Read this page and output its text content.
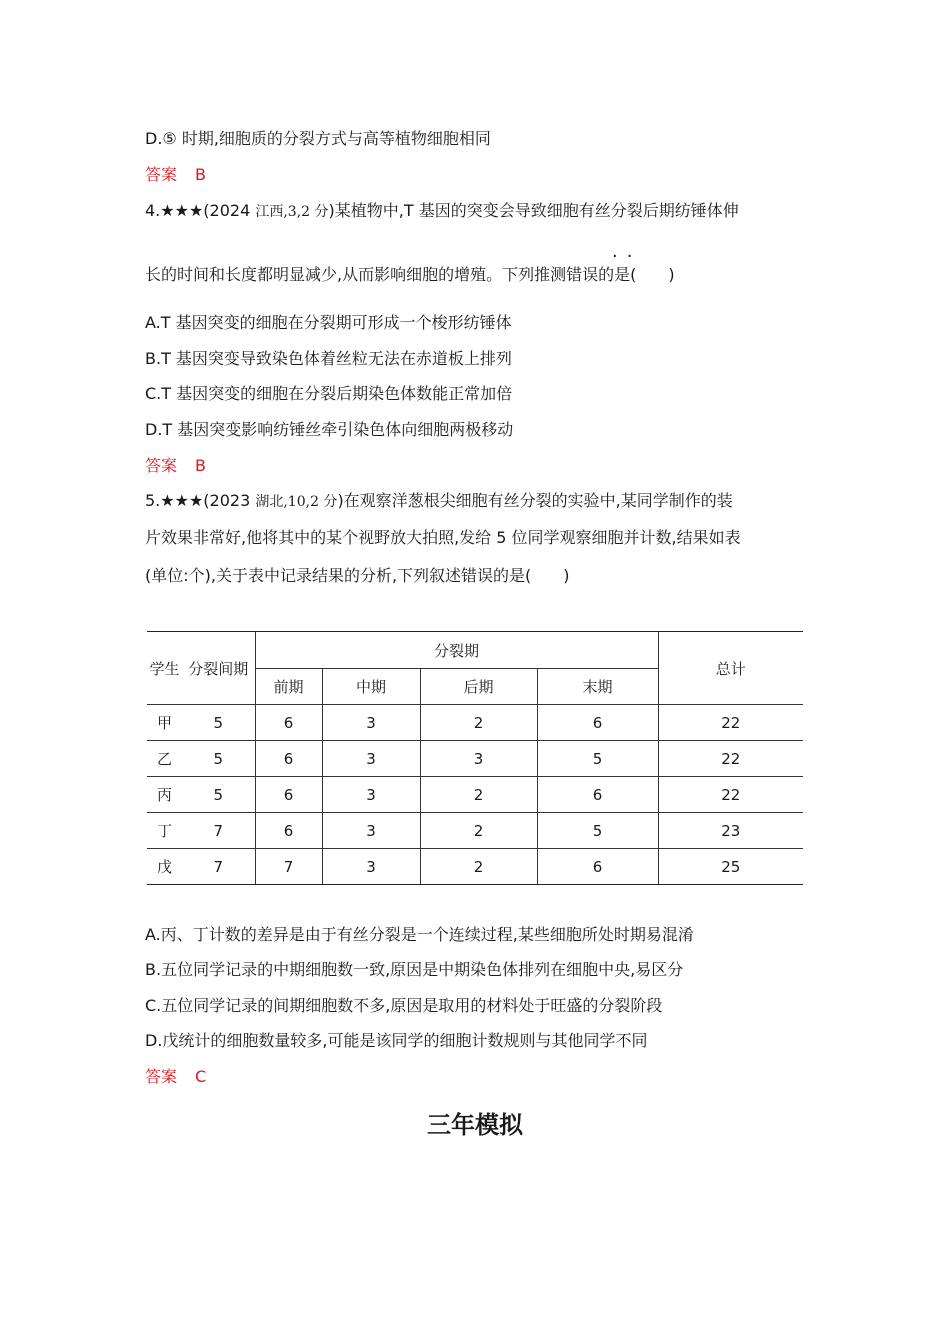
D.⑤ 时期,细胞质的分裂方式与高等植物细胞相同
答案 B
4.★★★(2024 江西,3,2 分)某植物中,T 基因的突变会导致细胞有丝分裂后期纺锤体伸
··
长的时间和长度都明显减少,从而影响细胞的增殖。下列推测错误的是(　　)
A.T 基因突变的细胞在分裂期可形成一个梭形纺锤体
B.T 基因突变导致染色体着丝粒无法在赤道板上排列
C.T 基因突变的细胞在分裂后期染色体数能正常加倍
D.T 基因突变影响纺锤丝牵引染色体向细胞两极移动
答案 B
5.★★★(2023 湖北,10,2 分)在观察洋葱根尖细胞有丝分裂的实验中,某同学制作的装
片效果非常好,他将其中的某个视野放大拍照,发给 5 位同学观察细胞并计数,结果如表
(单位:个),关于表中记录结果的分析,下列叙述错误的是(　　)
学生	分裂间期	分裂期				总计
		前期	中期	后期	末期	
甲	5	6	3	2	6	22
乙	5	6	3	3	5	22
丙	5	6	3	2	6	22
丁	7	6	3	2	5	23
戊	7	7	3	2	6	25
A.丙、丁计数的差异是由于有丝分裂是一个连续过程,某些细胞所处时期易混淆
B.五位同学记录的中期细胞数一致,原因是中期染色体排列在细胞中央,易区分
C.五位同学记录的间期细胞数不多,原因是取用的材料处于旺盛的分裂阶段
D.戊统计的细胞数量较多,可能是该同学的细胞计数规则与其他同学不同
答案 C
三年模拟
